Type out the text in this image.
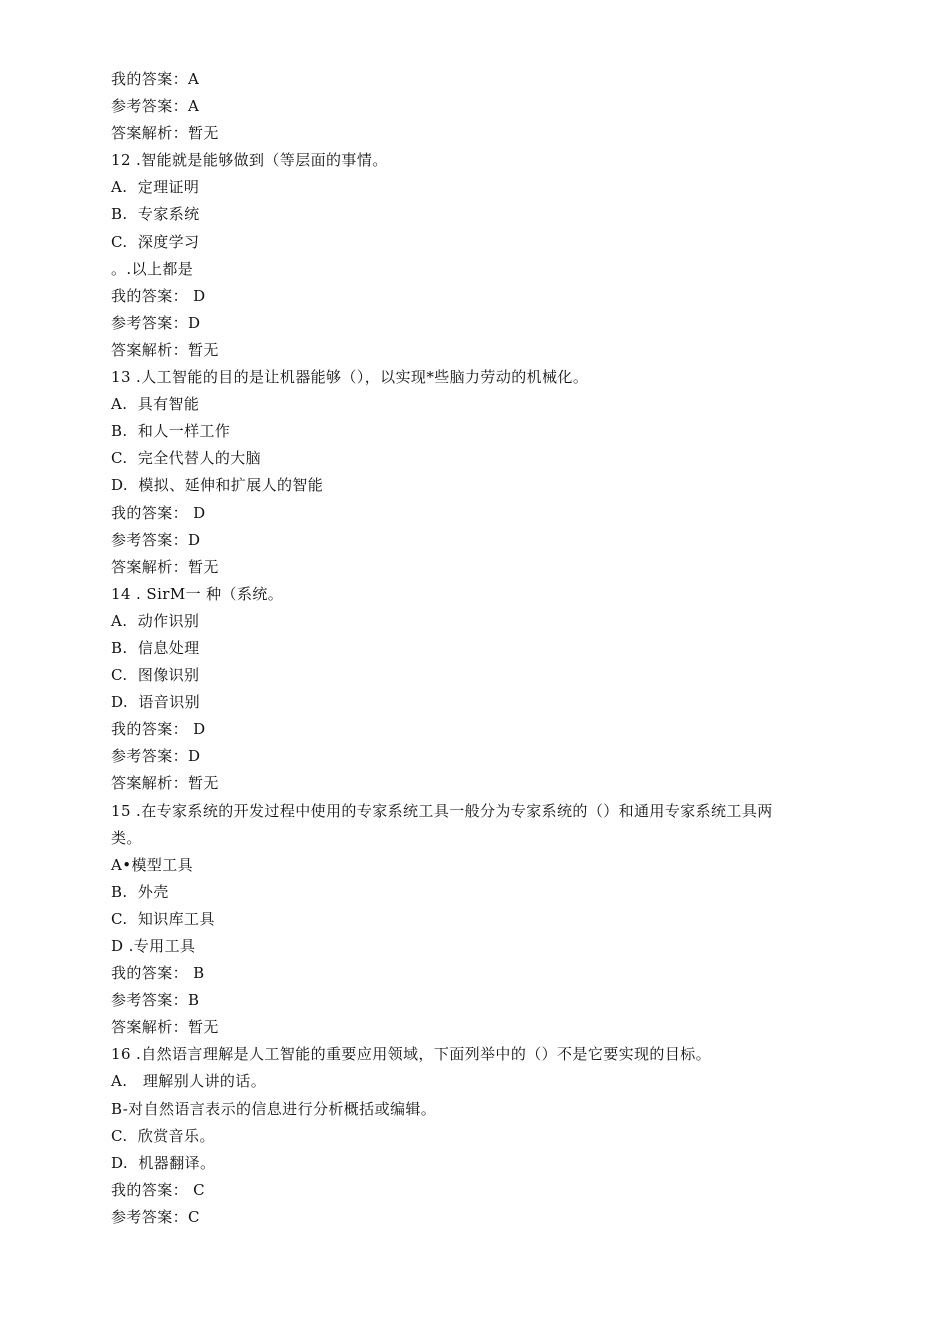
我的答案：A
参考答案：A
答案解析：暂无
12 .智能就是能够做到（等层面的事情。
A.  定理证明
B.  专家系统
C.  深度学习
。.以上都是
我的答案： D
参考答案：D
答案解析：暂无
13 .人工智能的目的是让机器能够（），以实现*些脑力劳动的机械化。
A.  具有智能
B.  和人一样工作
C.  完全代替人的大脑
D.  模拟、延伸和扩展人的智能
我的答案： D
参考答案：D
答案解析：暂无
14 . SirM一 种（系统。
A.  动作识别
B.  信息处理
C.  图像识别
D.  语音识别
我的答案： D
参考答案：D
答案解析：暂无
15 .在专家系统的开发过程中使用的专家系统工具一般分为专家系统的（）和通用专家系统工具两
类。
A•模型工具
B.  外壳
C.  知识库工具
D .专用工具
我的答案： B
参考答案：B
答案解析：暂无
16 .自然语言理解是人工智能的重要应用领域，下面列举中的（）不是它要实现的目标。
A.   理解别人讲的话。
B-对自然语言表示的信息进行分析概括或编辑。
C.  欣赏音乐。
D.  机器翻译。
我的答案： C
参考答案：C
